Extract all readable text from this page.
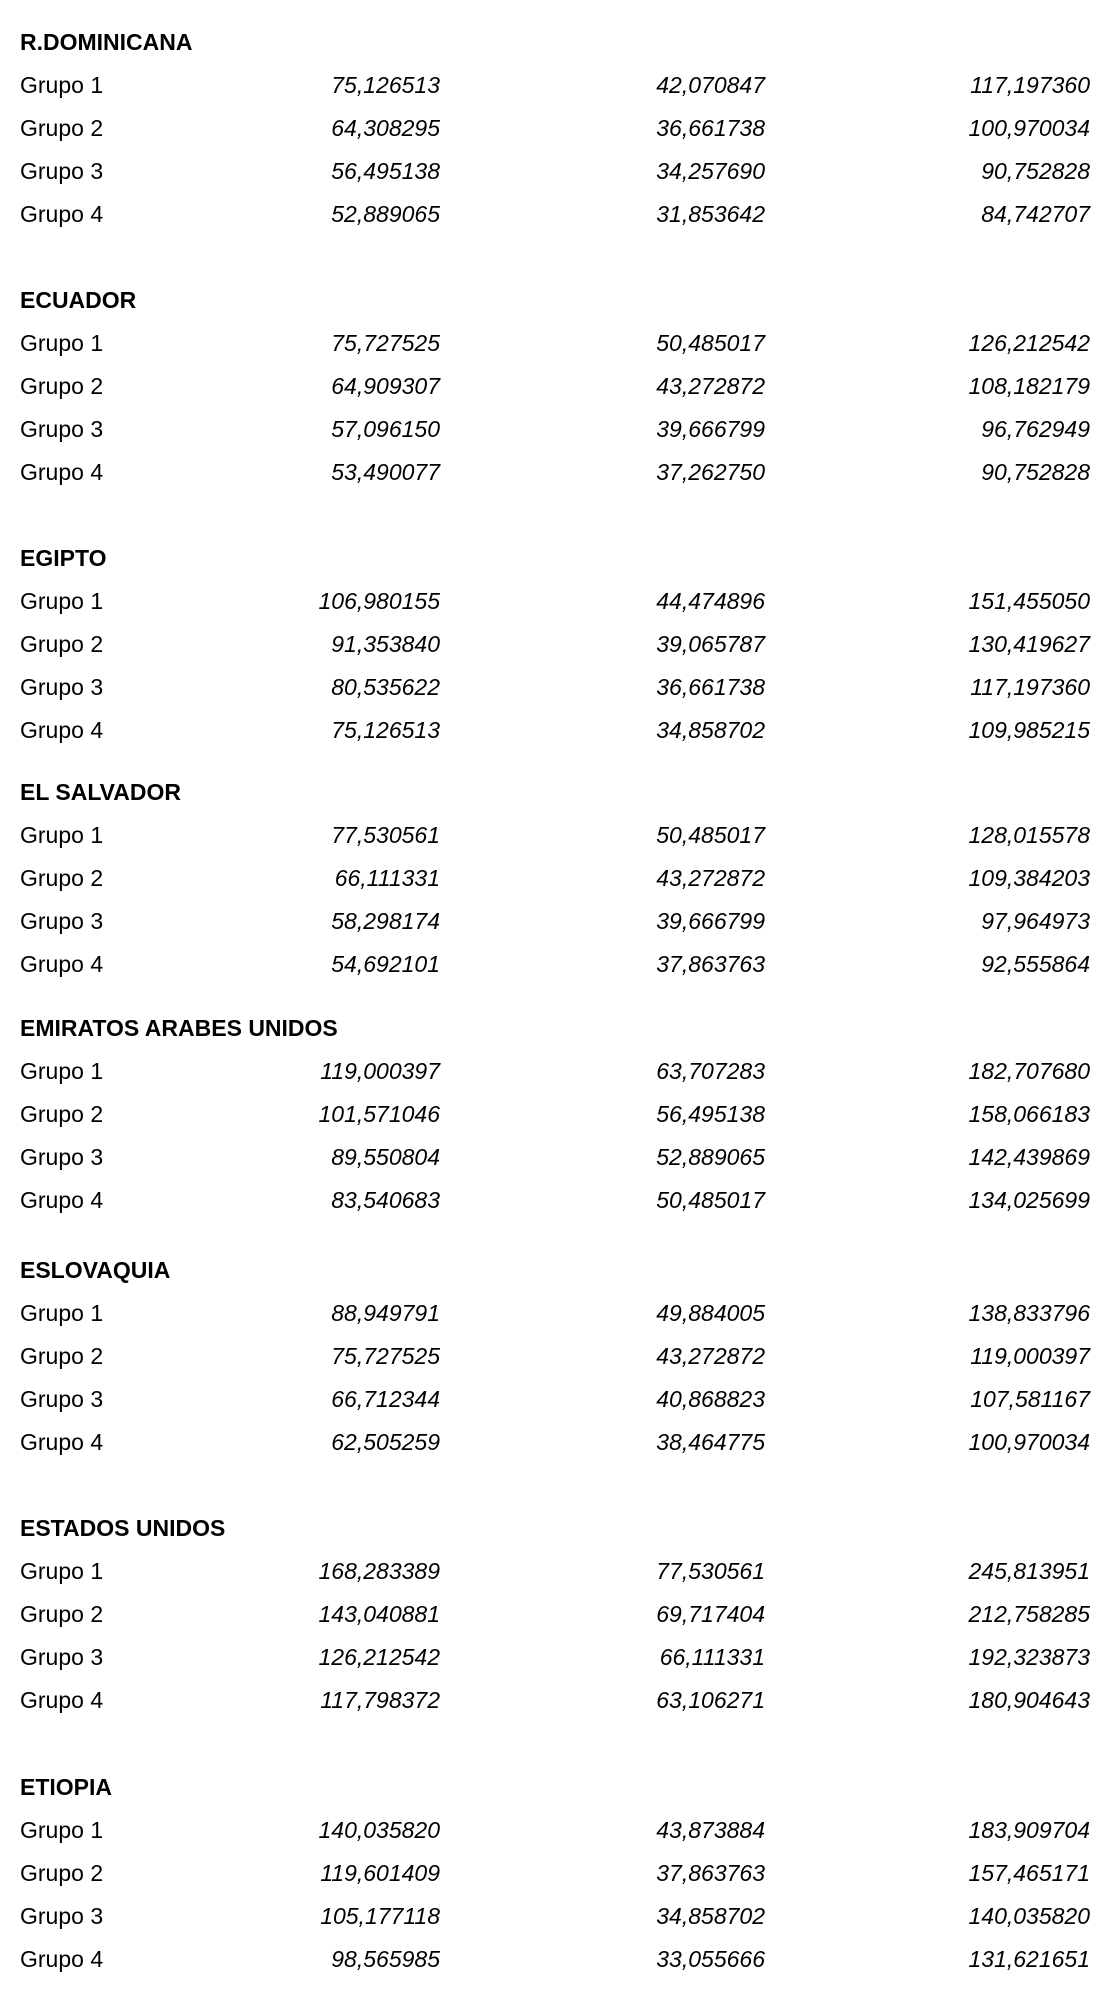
R.DOMINICANA
Grupo 1	75,126513	42,070847	117,197360
Grupo 2	64,308295	36,661738	100,970034
Grupo 3	56,495138	34,257690	90,752828
Grupo 4	52,889065	31,853642	84,742707
ECUADOR
Grupo 1	75,727525	50,485017	126,212542
Grupo 2	64,909307	43,272872	108,182179
Grupo 3	57,096150	39,666799	96,762949
Grupo 4	53,490077	37,262750	90,752828
EGIPTO
Grupo 1	106,980155	44,474896	151,455050
Grupo 2	91,353840	39,065787	130,419627
Grupo 3	80,535622	36,661738	117,197360
Grupo 4	75,126513	34,858702	109,985215
EL SALVADOR
Grupo 1	77,530561	50,485017	128,015578
Grupo 2	66,111331	43,272872	109,384203
Grupo 3	58,298174	39,666799	97,964973
Grupo 4	54,692101	37,863763	92,555864
EMIRATOS ARABES UNIDOS
Grupo 1	119,000397	63,707283	182,707680
Grupo 2	101,571046	56,495138	158,066183
Grupo 3	89,550804	52,889065	142,439869
Grupo 4	83,540683	50,485017	134,025699
ESLOVAQUIA
Grupo 1	88,949791	49,884005	138,833796
Grupo 2	75,727525	43,272872	119,000397
Grupo 3	66,712344	40,868823	107,581167
Grupo 4	62,505259	38,464775	100,970034
ESTADOS UNIDOS
Grupo 1	168,283389	77,530561	245,813951
Grupo 2	143,040881	69,717404	212,758285
Grupo 3	126,212542	66,111331	192,323873
Grupo 4	117,798372	63,106271	180,904643
ETIOPIA
Grupo 1	140,035820	43,873884	183,909704
Grupo 2	119,601409	37,863763	157,465171
Grupo 3	105,177118	34,858702	140,035820
Grupo 4	98,565985	33,055666	131,621651
